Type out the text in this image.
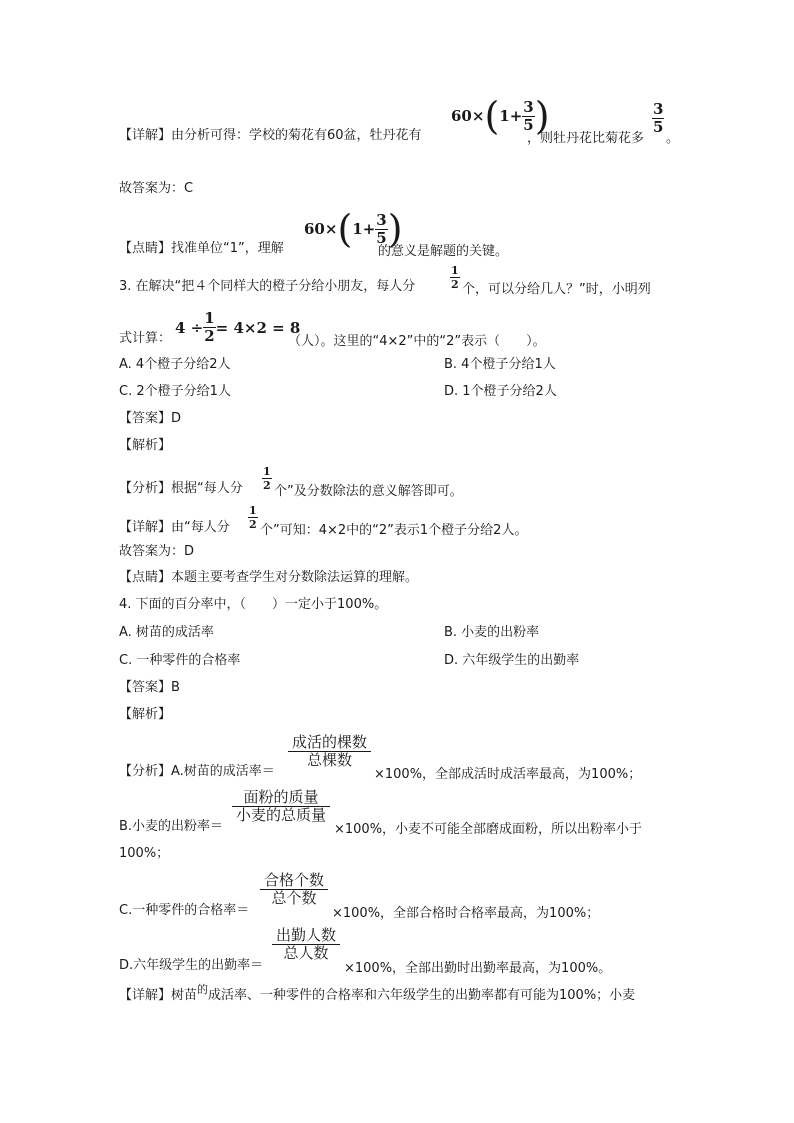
【详解】由分析可得：学校的菊花有60盆，牡丹花有
60× ( $1+ \frac{3}{5}$ )
，则牡丹花比菊花多
3
5
。
故答案为：C
【点睛】找准单位“1”，理解
60× ( $1+ \frac{3}{5}$ )
的意义是解题的关键。
3. 在解决“把４个同样大的橙子分给小朋友，每人分
1
2 个，可以分给几人？”时，小明列
式计算：
$4 \div \frac{1}{2} = 4\times 2 = 8$
（人）。这里的“4×2”中的“2”表示（　　）。
A. 4个橙子分给2人	B. 4个橙子分给1人
C. 2个橙子分给1人	D. 1个橙子分给2人
【答案】D
【解析】
【分析】根据“每人分
1
2 个”及分数除法的意义解答即可。
【详解】由“每人分
1
2 个”可知：4×2中的“2”表示1个橙子分给2人。
故答案为：D
【点睛】本题主要考查学生对分数除法运算的理解。
4. 下面的百分率中，（　　）一定小于100%。
A. 树苗的成活率	B. 小麦的出粉率
C. 一种零件的合格率	D. 六年级学生的出勤率
【答案】B
【解析】
【分析】A.树苗的成活率＝
成活的棵数
总棵数
×100%，全部成活时成活率最高，为100%；
B.小麦的出粉率＝
面粉的质量
小麦的总质量
×100%，小麦不可能全部磨成面粉，所以出粉率小于
100%；
C.一种零件的合格率＝
合格个数
总个数
×100%，全部合格时合格率最高，为100%；
D.六年级学生的出勤率＝
出勤人数
总人数
×100%，全部出勤时出勤率最高，为100%。
【详解】树苗$^的$成活率、一种零件的合格率和六年级学生的出勤率都有可能为100%；小麦
